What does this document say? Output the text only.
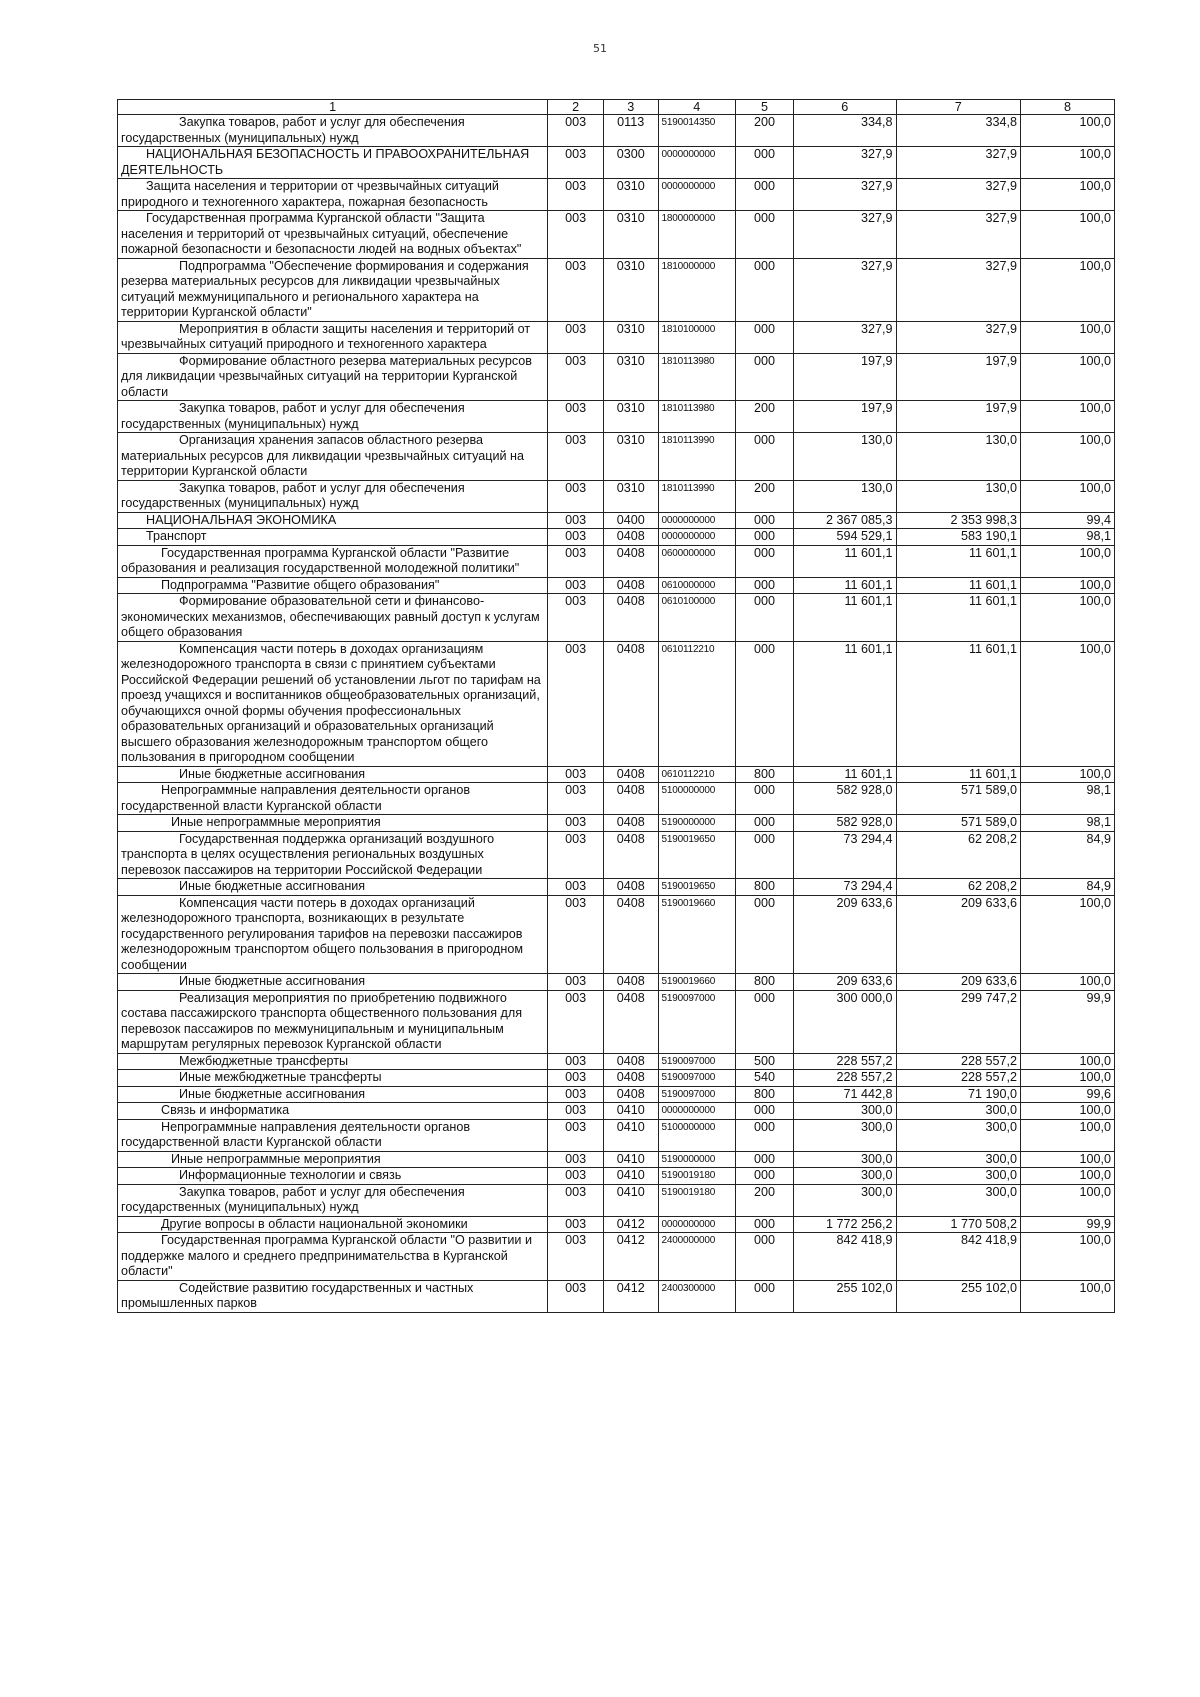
51
1	2	3	4	5	6	7	8
Закупка товаров, работ и услуг для обеспечения государственных (муниципальных) нужд	003	0113	5190014350	200	334,8	334,8	100,0
НАЦИОНАЛЬНАЯ БЕЗОПАСНОСТЬ И ПРАВООХРАНИТЕЛЬНАЯ ДЕЯТЕЛЬНОСТЬ	003	0300	0000000000	000	327,9	327,9	100,0
Защита населения и территории от чрезвычайных ситуаций природного и техногенного характера, пожарная безопасность	003	0310	0000000000	000	327,9	327,9	100,0
Государственная программа Курганской области "Защита населения и территорий от чрезвычайных ситуаций, обеспечение пожарной безопасности и безопасности людей на водных объектах"	003	0310	1800000000	000	327,9	327,9	100,0
Подпрограмма "Обеспечение формирования и содержания резерва материальных ресурсов для ликвидации чрезвычайных ситуаций межмуниципального и регионального характера на территории Курганской области"	003	0310	1810000000	000	327,9	327,9	100,0
Мероприятия в области защиты населения и территорий от чрезвычайных ситуаций природного и техногенного характера	003	0310	1810100000	000	327,9	327,9	100,0
Формирование областного резерва материальных ресурсов для ликвидации чрезвычайных ситуаций на территории Курганской области	003	0310	1810113980	000	197,9	197,9	100,0
Закупка товаров, работ и услуг для обеспечения государственных (муниципальных) нужд	003	0310	1810113980	200	197,9	197,9	100,0
Организация хранения запасов областного резерва материальных ресурсов для ликвидации чрезвычайных ситуаций на территории Курганской области	003	0310	1810113990	000	130,0	130,0	100,0
Закупка товаров, работ и услуг для обеспечения государственных (муниципальных) нужд	003	0310	1810113990	200	130,0	130,0	100,0
НАЦИОНАЛЬНАЯ ЭКОНОМИКА	003	0400	0000000000	000	2 367 085,3	2 353 998,3	99,4
Транспорт	003	0408	0000000000	000	594 529,1	583 190,1	98,1
Государственная программа Курганской области "Развитие образования и реализация государственной молодежной политики"	003	0408	0600000000	000	11 601,1	11 601,1	100,0
Подпрограмма "Развитие общего образования"	003	0408	0610000000	000	11 601,1	11 601,1	100,0
Формирование образовательной сети и финансово-экономических механизмов, обеспечивающих равный доступ к услугам общего образования	003	0408	0610100000	000	11 601,1	11 601,1	100,0
Компенсация части потерь в доходах организациям железнодорожного транспорта в связи с принятием субъектами Российской Федерации решений об установлении льгот по тарифам на проезд учащихся и воспитанников общеобразовательных организаций, обучающихся очной формы обучения профессиональных образовательных организаций и образовательных организаций высшего образования железнодорожным транспортом общего пользования в пригородном сообщении	003	0408	0610112210	000	11 601,1	11 601,1	100,0
Иные бюджетные ассигнования	003	0408	0610112210	800	11 601,1	11 601,1	100,0
Непрограммные направления деятельности органов государственной власти Курганской области	003	0408	5100000000	000	582 928,0	571 589,0	98,1
Иные непрограммные мероприятия	003	0408	5190000000	000	582 928,0	571 589,0	98,1
Государственная поддержка организаций воздушного транспорта в целях осуществления региональных воздушных перевозок пассажиров на территории Российской Федерации	003	0408	5190019650	000	73 294,4	62 208,2	84,9
Иные бюджетные ассигнования	003	0408	5190019650	800	73 294,4	62 208,2	84,9
Компенсация части потерь в доходах организаций железнодорожного транспорта, возникающих в результате государственного регулирования тарифов на перевозки пассажиров железнодорожным транспортом общего пользования в пригородном сообщении	003	0408	5190019660	000	209 633,6	209 633,6	100,0
Иные бюджетные ассигнования	003	0408	5190019660	800	209 633,6	209 633,6	100,0
Реализация мероприятия по приобретению подвижного состава пассажирского транспорта общественного пользования для перевозок пассажиров по межмуниципальным и муниципальным маршрутам регулярных перевозок Курганской области	003	0408	5190097000	000	300 000,0	299 747,2	99,9
Межбюджетные трансферты	003	0408	5190097000	500	228 557,2	228 557,2	100,0
Иные межбюджетные трансферты	003	0408	5190097000	540	228 557,2	228 557,2	100,0
Иные бюджетные ассигнования	003	0408	5190097000	800	71 442,8	71 190,0	99,6
Связь и информатика	003	0410	0000000000	000	300,0	300,0	100,0
Непрограммные направления деятельности органов государственной власти Курганской области	003	0410	5100000000	000	300,0	300,0	100,0
Иные непрограммные мероприятия	003	0410	5190000000	000	300,0	300,0	100,0
Информационные технологии и связь	003	0410	5190019180	000	300,0	300,0	100,0
Закупка товаров, работ и услуг для обеспечения государственных (муниципальных) нужд	003	0410	5190019180	200	300,0	300,0	100,0
Другие вопросы в области национальной экономики	003	0412	0000000000	000	1 772 256,2	1 770 508,2	99,9
Государственная программа Курганской области "О развитии и поддержке малого и среднего предпринимательства в Курганской области"	003	0412	2400000000	000	842 418,9	842 418,9	100,0
Содействие развитию государственных и частных промышленных парков	003	0412	2400300000	000	255 102,0	255 102,0	100,0
